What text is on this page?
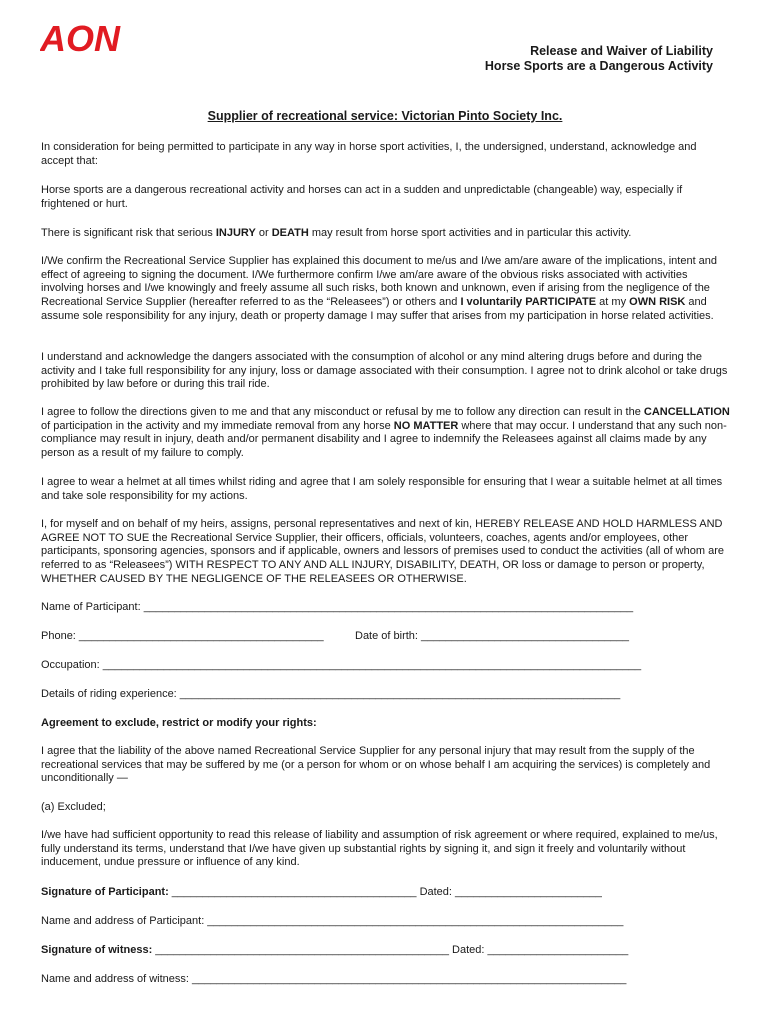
AON	Release and Waiver of Liability
Horse Sports are a Dangerous Activity
Supplier of recreational service: Victorian Pinto Society Inc.

In consideration for being permitted to participate in any way in horse sport activities, I, the undersigned, understand, acknowledge and accept that:

Horse sports are a dangerous recreational activity and horses can act in a sudden and unpredictable (changeable) way, especially if frightened or hurt.

There is significant risk that serious INJURY or DEATH may result from horse sport activities and in particular this activity.

I/We confirm the Recreational Service Supplier has explained this document to me/us and I/we am/are aware of the implications, intent and effect of agreeing to signing the document. I/We furthermore confirm I/we am/are aware of the obvious risks associated with activities involving horses and I/we knowingly and freely assume all such risks, both known and unknown, even if arising from the negligence of the Recreational Service Supplier (hereafter referred to as the “Releasees”) or others and I voluntarily PARTICIPATE at my OWN RISK and assume sole responsibility for any injury, death or property damage I may suffer that arises from my participation in horse related activities.

I understand and acknowledge the dangers associated with the consumption of alcohol or any mind altering drugs before and during the activity and I take full responsibility for any injury, loss or damage associated with their consumption. I agree not to drink alcohol or take drugs prohibited by law before or during this trail ride.

I agree to follow the directions given to me and that any misconduct or refusal by me to follow any direction can result in the CANCELLATION of participation in the activity and my immediate removal from any horse NO MATTER where that may occur. I understand that any such non-compliance may result in injury, death and/or permanent disability and I agree to indemnify the Releasees against all claims made by any person as a result of my failure to comply.

I agree to wear a helmet at all times whilst riding and agree that I am solely responsible for ensuring that I wear a suitable helmet at all times and take sole responsibility for my actions.

I, for myself and on behalf of my heirs, assigns, personal representatives and next of kin, HEREBY RELEASE AND HOLD HARMLESS AND AGREE NOT TO SUE the Recreational Service Supplier, their officers, officials, volunteers, coaches, agents and/or employees, other participants, sponsoring agencies, sponsors and if applicable, owners and lessors of premises used to conduct the activities (all of whom are referred to as “Releasees”) WITH RESPECT TO ANY AND ALL INJURY, DISABILITY, DEATH, OR loss or damage to person or property, WHETHER CAUSED BY THE NEGLIGENCE OF THE RELEASEES OR OTHERWISE.

Name of Participant: ________________________________________________________________________________
Phone: ________________________________________	Date of birth: __________________________________
Occupation: ________________________________________________________________________________________
Details of riding experience: ________________________________________________________________________
Agreement to exclude, restrict or modify your rights:

I agree that the liability of the above named Recreational Service Supplier for any personal injury that may result from the supply of the recreational services that may be suffered by me (or a person for whom or on whose behalf I am acquiring the services) is completely and unconditionally —

(a) Excluded;

I/we have had sufficient opportunity to read this release of liability and assumption of risk agreement or where required, explained to me/us, fully understand its terms, understand that I/we have given up substantial rights by signing it, and sign it freely and voluntarily without inducement, undue pressure or influence of any kind.

Signature of Participant: ________________________________________ Dated: ________________________
Name and address of Participant: ____________________________________________________________________
Signature of witness: ________________________________________________ Dated: _______________________
Name and address of witness: _______________________________________________________________________
